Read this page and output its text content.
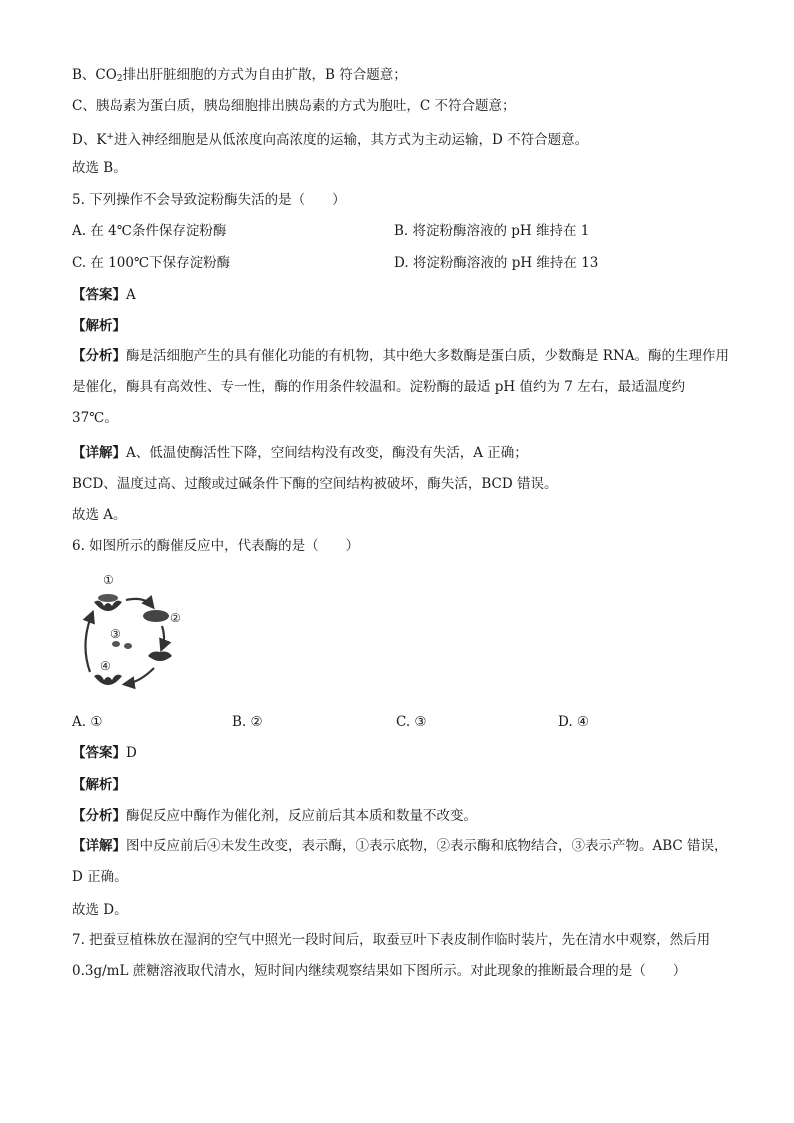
B、$CO_2$排出肝脏细胞的方式为自由扩散，B 符合题意；
C、胰岛素为蛋白质，胰岛细胞排出胰岛素的方式为胞吐，C 不符合题意；
D、K+进入神经细胞是从低浓度向高浓度的运输，其方式为主动运输，D 不符合题意。
故选 B。
5. 下列操作不会导致淀粉酶失活的是（　　）
A. 在 4℃条件保存淀粉酶	B. 将淀粉酶溶液的 pH 维持在 1
C. 在 100℃下保存淀粉酶	D. 将淀粉酶溶液的 pH 维持在 13
【答案】A
【解析】
【分析】酶是活细胞产生的具有催化功能的有机物，其中绝大多数酶是蛋白质，少数酶是 RNA。酶的生理作用是催化，酶具有高效性、专一性，酶的作用条件较温和。淀粉酶的最适 pH 值约为 7 左右，最适温度约 37℃。
【详解】A、低温使酶活性下降，空间结构没有改变，酶没有失活，A 正确；
BCD、温度过高、过酸或过碱条件下酶的空间结构被破坏，酶失活，BCD 错误。
故选 A。
6. 如图所示的酶催反应中，代表酶的是（　　）
①
②
③
④
A. ①	B. ②	C. ③	D. ④
【答案】D
【解析】
【分析】酶促反应中酶作为催化剂，反应前后其本质和数量不改变。
【详解】图中反应前后④未发生改变，表示酶，①表示底物，②表示酶和底物结合，③表示产物。ABC 错误，D 正确。
故选 D。
7. 把蚕豆植株放在湿润的空气中照光一段时间后，取蚕豆叶下表皮制作临时装片，先在清水中观察，然后用 0.3g/mL 蔗糖溶液取代清水，短时间内继续观察结果如下图所示。对此现象的推断最合理的是（　　）
